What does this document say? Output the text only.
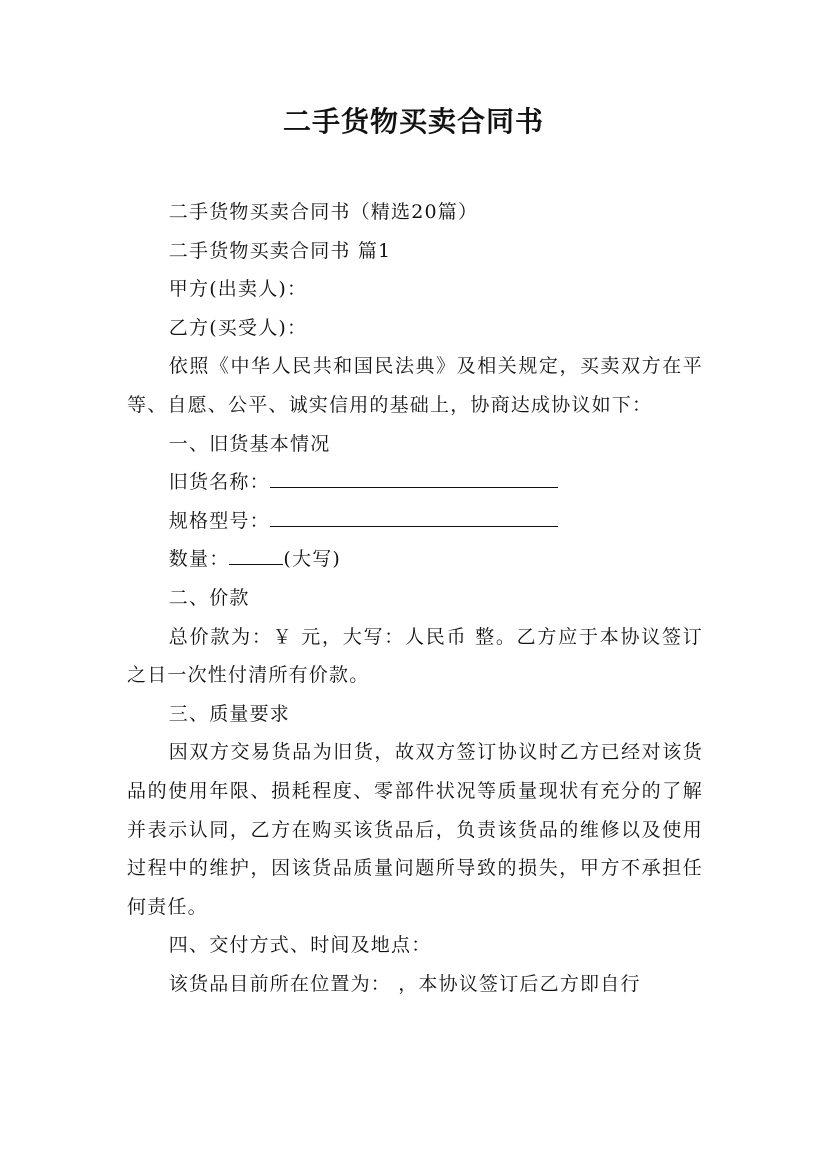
二手货物买卖合同书

二手货物买卖合同书（精选20篇）

二手货物买卖合同书 篇1

甲方(出卖人)：

乙方(买受人)：

依照《中华人民共和国民法典》及相关规定，买卖双方在平等、自愿、公平、诚实信用的基础上，协商达成协议如下：

一、旧货基本情况

旧货名称：

规格型号：

数量：	(大写)

二、价款

总价款为：￥ 元，大写：人民币 整。乙方应于本协议签订之日一次性付清所有价款。

三、质量要求

因双方交易货品为旧货，故双方签订协议时乙方已经对该货品的使用年限、损耗程度、零部件状况等质量现状有充分的了解并表示认同，乙方在购买该货品后，负责该货品的维修以及使用过程中的维护，因该货品质量问题所导致的损失，甲方不承担任何责任。

四、交付方式、时间及地点：

该货品目前所在位置为： ，本协议签订后乙方即自行
